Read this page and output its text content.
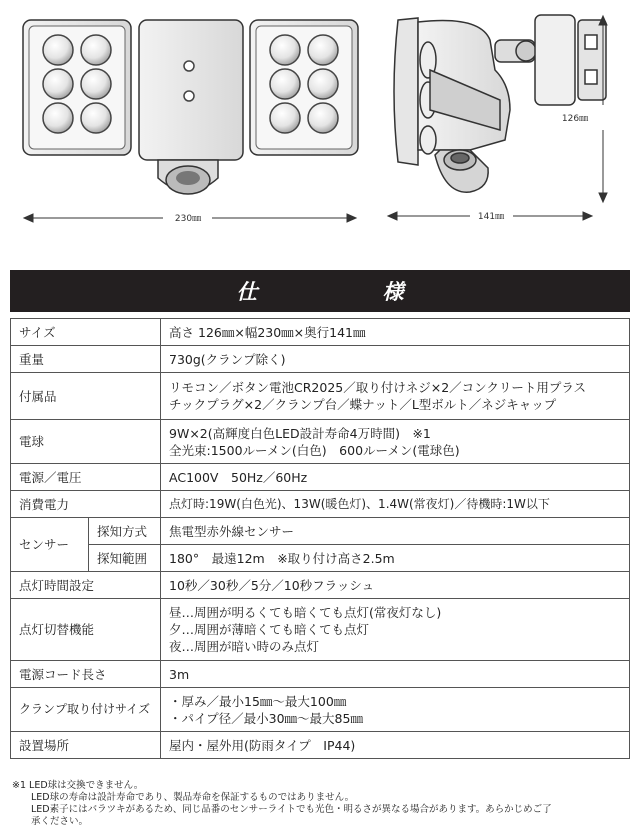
230㎜
126㎜
141㎜
仕　様
サイズ		高さ 126㎜×幅230㎜×奥行141㎜
重量		730g(クランプ除く)
付属品		リモコン／ボタン電池CR2025／取り付けネジ×2／コンクリート用プラス
チックプラグ×2／クランプ台／蝶ナット／L型ボルト／ネジキャップ

電球		9W×2(高輝度白色LED設計寿命4万時間)　※1
全光束:1500ルーメン(白色)　600ルーメン(電球色)

電源／電圧		AC100V　50Hz／60Hz
消費電力		点灯時:19W(白色光)、13W(暖色灯)、1.4W(常夜灯)／待機時:1W以下
センサー	探知方式	焦電型赤外線センサー
	探知範囲	180°　最遠12m　※取り付け高さ2.5m
点灯時間設定		10秒／30秒／5分／10秒フラッシュ
点灯切替機能		昼…周囲が明るくても暗くても点灯(常夜灯なし)
夕…周囲が薄暗くても暗くても点灯
夜…周囲が暗い時のみ点灯

電源コード長さ		3m
クランプ取り付けサイズ		・厚み／最小15㎜〜最大100㎜
・パイプ径／最小30㎜〜最大85㎜

設置場所		屋内・屋外用(防雨タイプ　IP44)
※1 LED球は交換できません。
　　LED球の寿命は設計寿命であり、製品寿命を保証するものではありません。
　　LED素子にはバラツキがあるため、同じ品番のセンサーライトでも光色・明るさが異なる場合があります。あらかじめご了
　　承ください。
